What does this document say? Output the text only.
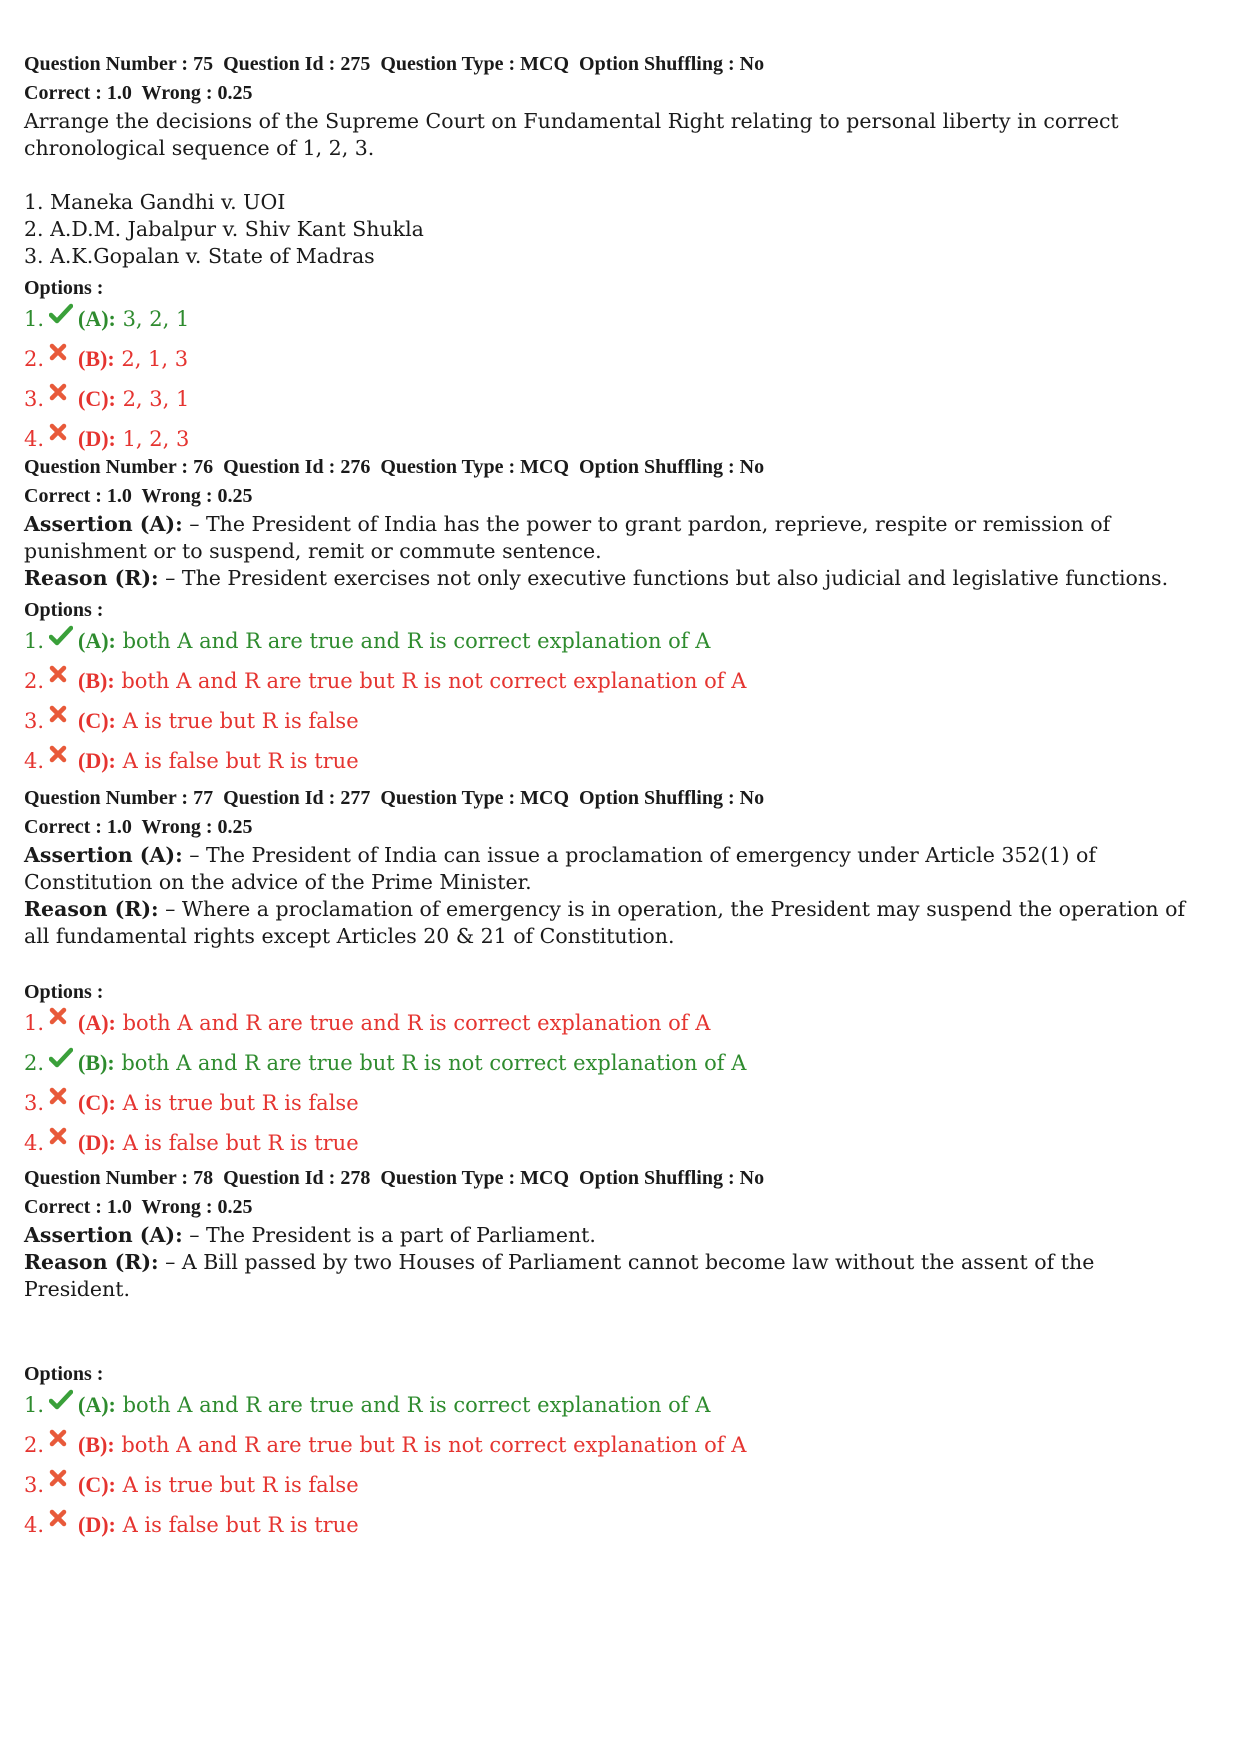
Question Number : 75  Question Id : 275  Question Type : MCQ  Option Shuffling : No
Correct : 1.0  Wrong : 0.25
Arrange the decisions of the Supreme Court on Fundamental Right relating to personal liberty in correct
chronological sequence of 1, 2, 3.
1. Maneka Gandhi v. UOI
2. A.D.M. Jabalpur v. Shiv Kant Shukla
3. A.K.Gopalan v. State of Madras
Options :
1. (A):
3, 2, 1
2. (B):
2, 1, 3
3. (C):
2, 3, 1
4. (D):
1, 2, 3
Question Number : 76  Question Id : 276  Question Type : MCQ  Option Shuffling : No
Correct : 1.0  Wrong : 0.25
Assertion (A): – The President of India has the power to grant pardon, reprieve, respite or remission of
punishment or to suspend, remit or commute sentence.
Reason (R): – The President exercises not only executive functions but also judicial and legislative functions.
Options :
1. (A):
both A and R are true and R is correct explanation of A
2. (B):
both A and R are true but R is not correct explanation of A
3. (C):
A is true but R is false
4. (D):
A is false but R is true
Question Number : 77  Question Id : 277  Question Type : MCQ  Option Shuffling : No
Correct : 1.0  Wrong : 0.25
Assertion (A): – The President of India can issue a proclamation of emergency under Article 352(1) of
Constitution on the advice of the Prime Minister.
Reason (R): – Where a proclamation of emergency is in operation, the President may suspend the operation of
all fundamental rights except Articles 20 & 21 of Constitution.
Options :
1. (A):
both A and R are true and R is correct explanation of A
2. (B):
both A and R are true but R is not correct explanation of A
3. (C):
A is true but R is false
4. (D):
A is false but R is true
Question Number : 78  Question Id : 278  Question Type : MCQ  Option Shuffling : No
Correct : 1.0  Wrong : 0.25
Assertion (A): – The President is a part of Parliament.
Reason (R): – A Bill passed by two Houses of Parliament cannot become law without the assent of the
President.
Options :
1. (A):
both A and R are true and R is correct explanation of A
2. (B):
both A and R are true but R is not correct explanation of A
3. (C):
A is true but R is false
4. (D):
A is false but R is true
